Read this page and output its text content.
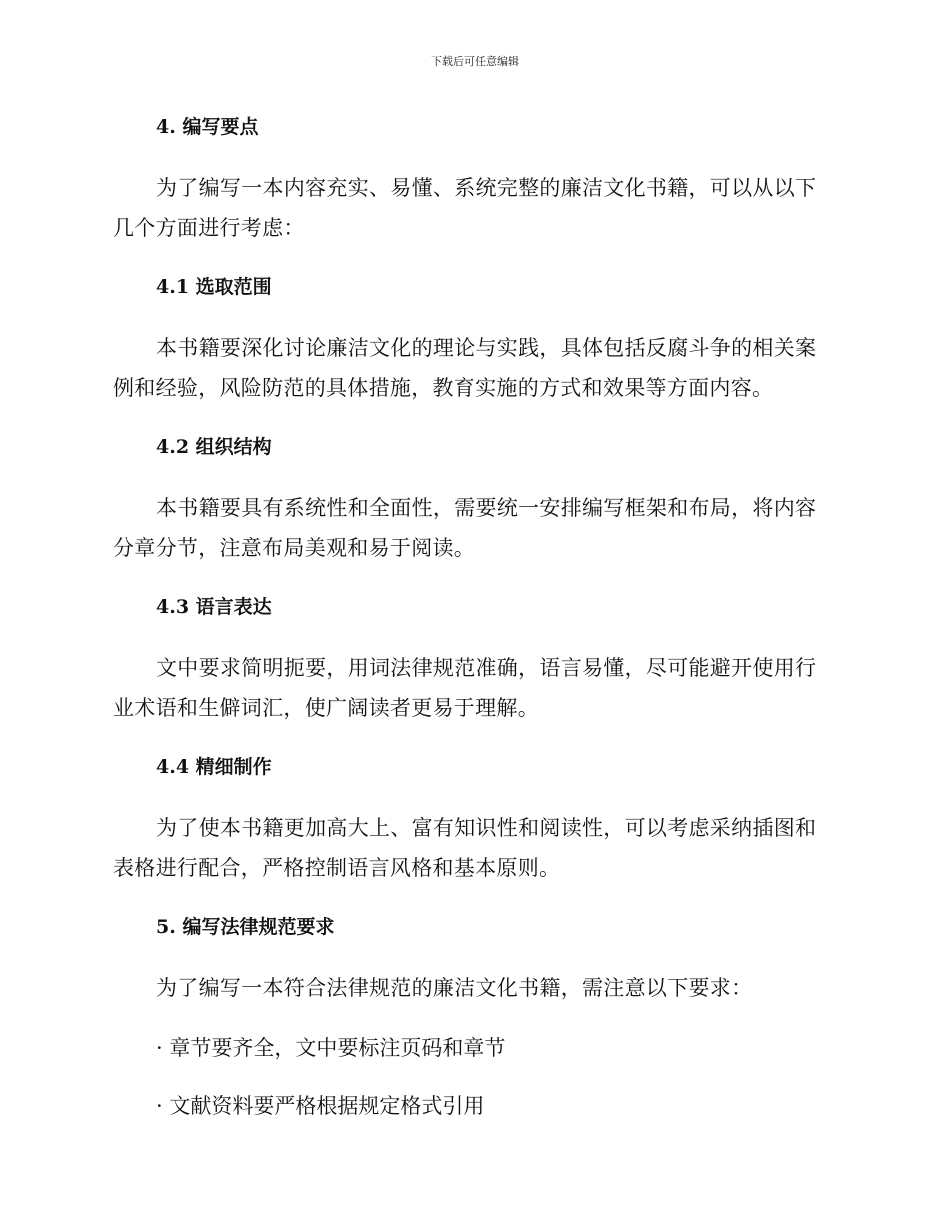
下载后可任意编辑
4. 编写要点

为了编写一本内容充实、易懂、系统完整的廉洁文化书籍，可以从以下几个方面进行考虑：

4.1 选取范围

本书籍要深化讨论廉洁文化的理论与实践，具体包括反腐斗争的相关案例和经验，风险防范的具体措施，教育实施的方式和效果等方面内容。

4.2 组织结构

本书籍要具有系统性和全面性，需要统一安排编写框架和布局，将内容分章分节，注意布局美观和易于阅读。

4.3 语言表达

文中要求简明扼要，用词法律规范准确，语言易懂，尽可能避开使用行业术语和生僻词汇，使广阔读者更易于理解。

4.4 精细制作

为了使本书籍更加高大上、富有知识性和阅读性，可以考虑采纳插图和表格进行配合，严格控制语言风格和基本原则。

5. 编写法律规范要求

为了编写一本符合法律规范的廉洁文化书籍，需注意以下要求：

· 章节要齐全，文中要标注页码和章节

· 文献资料要严格根据规定格式引用
